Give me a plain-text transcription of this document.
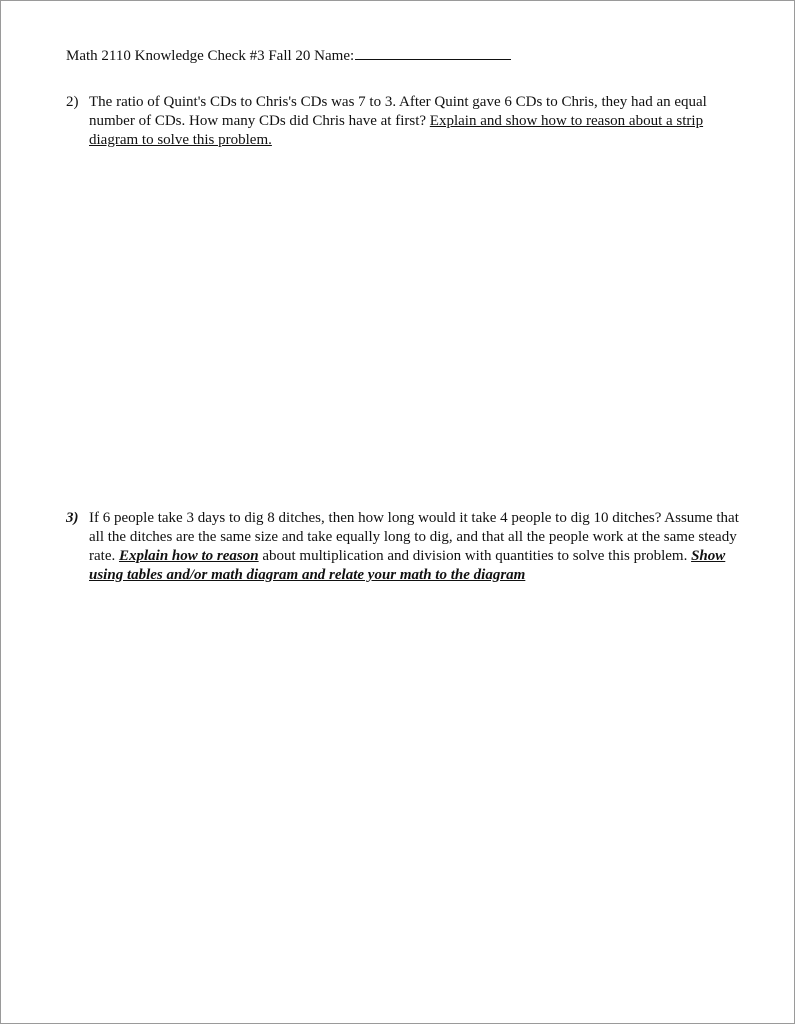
Math 2110 Knowledge Check #3 Fall 20 Name:
2) The ratio of Quint's CDs to Chris's CDs was 7 to 3. After Quint gave 6 CDs to Chris, they had an equal number of CDs. How many CDs did Chris have at first? Explain and show how to reason about a strip diagram to solve this problem.
3) If 6 people take 3 days to dig 8 ditches, then how long would it take 4 people to dig 10 ditches? Assume that all the ditches are the same size and take equally long to dig, and that all the people work at the same steady rate. Explain how to reason about multiplication and division with quantities to solve this problem. Show using tables and/or math diagram and relate your math to the diagram
